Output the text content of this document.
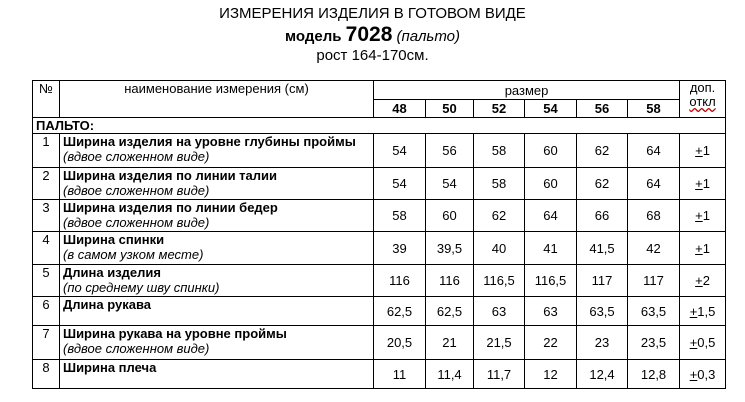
ИЗМЕРЕНИЯ ИЗДЕЛИЯ В ГОТОВОМ ВИДЕ
модель 7028 (пальто)
рост 164-170см.
№	наименование измерения (см)	размер						доп.
откл
		48	50	52	54	56	58	
ПАЛЬТО:								
1	Ширина изделия на уровне глубины проймы
(вдвое сложенном виде)	54	56	58	60	62	64	+1
2	Ширина изделия по линии талии
(вдвое сложенном виде)	54	54	58	60	62	64	+1
3	Ширина изделия по линии бедер
(вдвое сложенном виде)	58	60	62	64	66	68	+1
4	Ширина спинки
(в самом узком месте)	39	39,5	40	41	41,5	42	+1
5	Длина изделия
(по среднему шву спинки)	116	116	116,5	116,5	117	117	+2
6	Длина рукава	62,5	62,5	63	63	63,5	63,5	+1,5
7	Ширина рукава на уровне проймы
(вдвое сложенном виде)	20,5	21	21,5	22	23	23,5	+0,5
8	Ширина плеча	11	11,4	11,7	12	12,4	12,8	+0,3
